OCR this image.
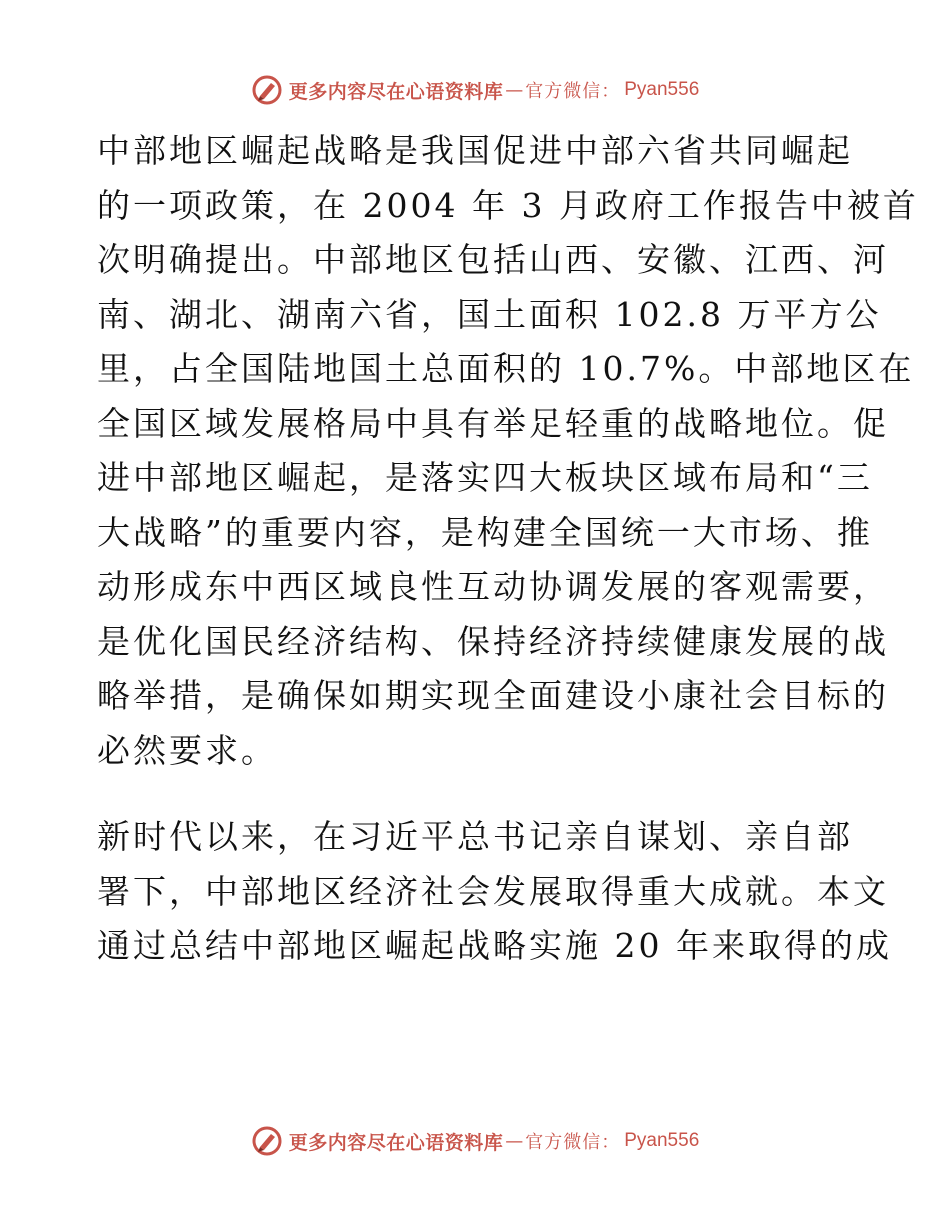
更多内容尽在心语资料库 — 官方微信： Pyan556
中部地区崛起战略是我国促进中部六省共同崛起
的一项政策，在 2004 年 3 月政府工作报告中被首
次明确提出。中部地区包括山西、安徽、江西、河
南、湖北、湖南六省，国土面积 102.8 万平方公
里，占全国陆地国土总面积的 10.7%。中部地区在
全国区域发展格局中具有举足轻重的战略地位。促
进中部地区崛起，是落实四大板块区域布局和“三
大战略”的重要内容，是构建全国统一大市场、推
动形成东中西区域良性互动协调发展的客观需要，
是优化国民经济结构、保持经济持续健康发展的战
略举措，是确保如期实现全面建设小康社会目标的
必然要求。
新时代以来，在习近平总书记亲自谋划、亲自部
署下，中部地区经济社会发展取得重大成就。本文
通过总结中部地区崛起战略实施 20 年来取得的成
更多内容尽在心语资料库 — 官方微信： Pyan556
